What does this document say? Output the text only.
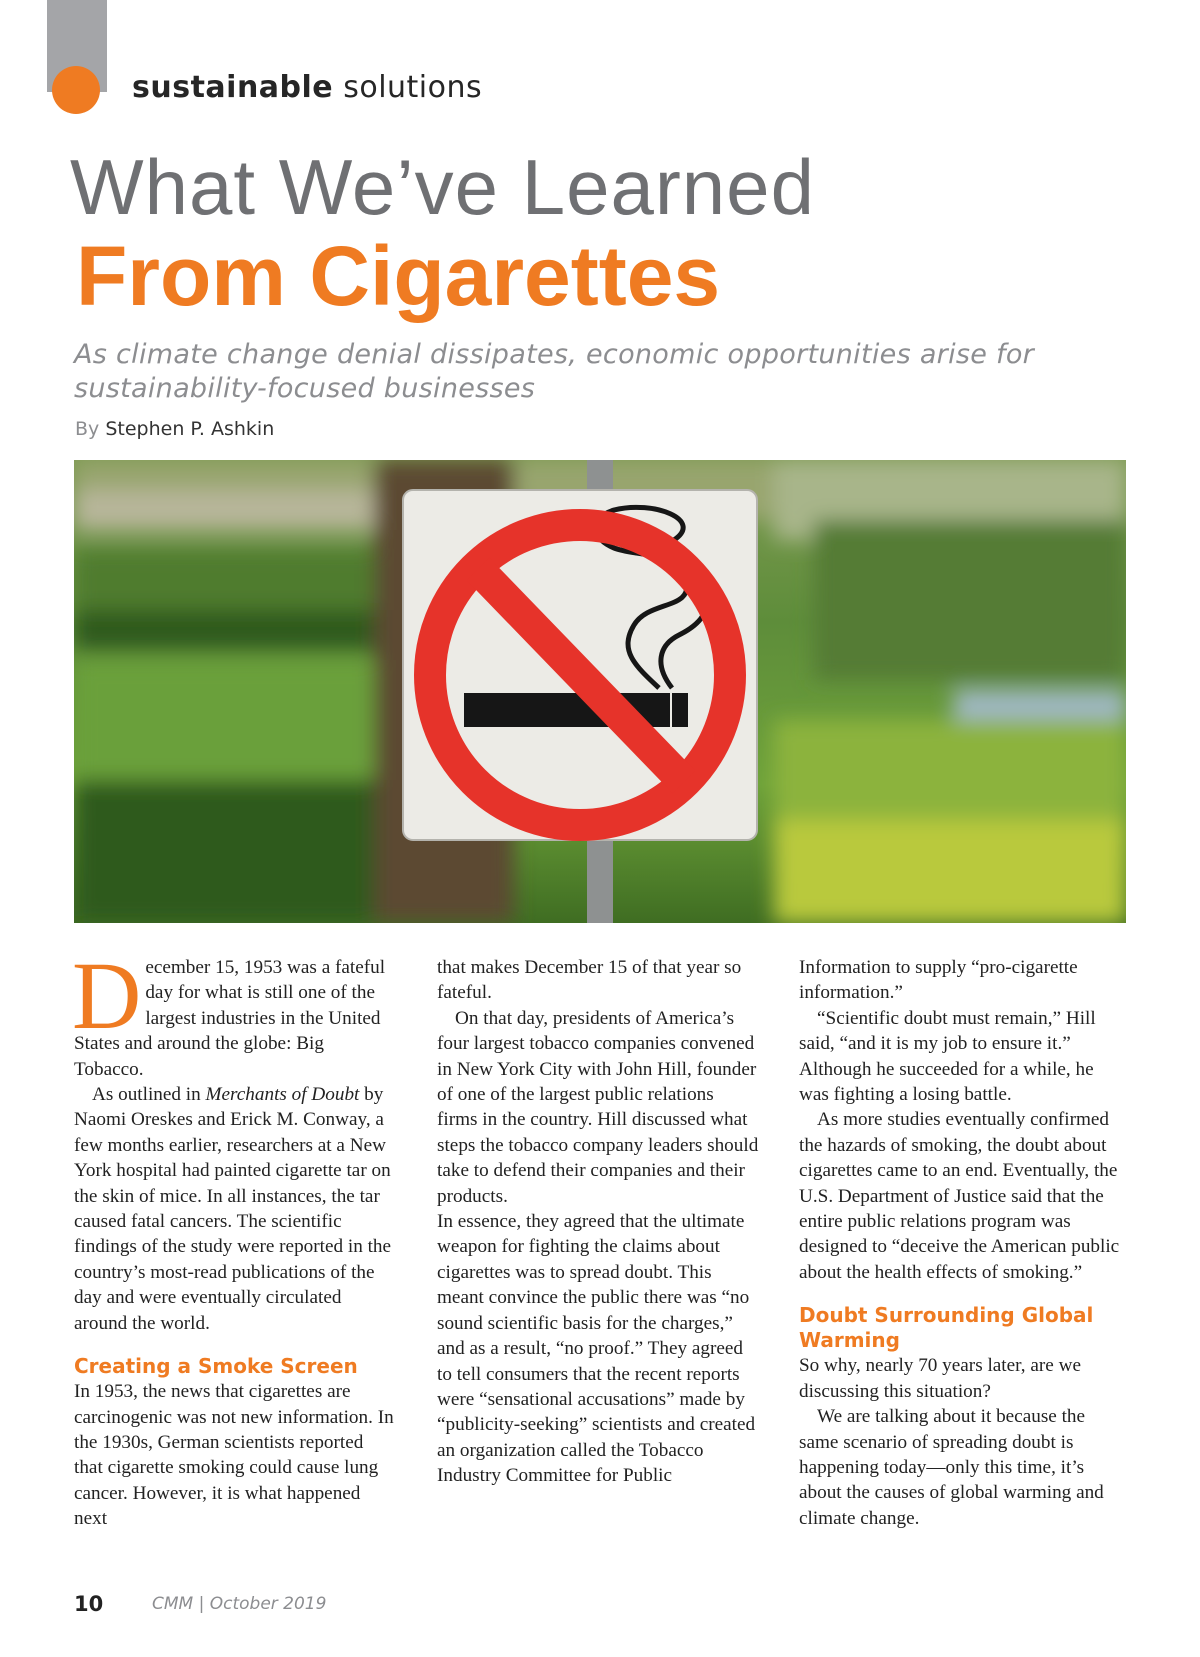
sustainable solutions
What We’ve Learned
From Cigarettes
As climate change denial dissipates, economic opportunities arise for sustainability-focused businesses
By Stephen P. Ashkin

December 15, 1953 was a fateful day for what is still one of the largest industries in the United States and around the globe: Big Tobacco.

As outlined in Merchants of Doubt by Naomi Oreskes and Erick M. Conway, a few months earlier, researchers at a New York hospital had painted cigarette tar on the skin of mice. In all instances, the tar caused fatal cancers. The scientific findings of the study were reported in the country’s most-read publications of the day and were eventually circulated around the world.

Creating a Smoke Screen

In 1953, the news that cigarettes are carcinogenic was not new information. In the 1930s, German scientists reported that cigarette smoking could cause lung cancer. However, it is what happened next

that makes December 15 of that year so fateful.

On that day, presidents of America’s four largest tobacco companies convened in New York City with John Hill, founder of one of the largest public relations firms in the country. Hill discussed what steps the tobacco company leaders should take to defend their companies and their products.

In essence, they agreed that the ultimate weapon for fighting the claims about cigarettes was to spread doubt. This meant convince the public there was “no sound scientific basis for the charges,” and as a result, “no proof.” They agreed to tell consumers that the recent reports were “sensational accusations” made by “publicity-seeking” scientists and created an organization called the Tobacco Industry Committee for Public

Information to supply “pro-cigarette information.”

“Scientific doubt must remain,” Hill said, “and it is my job to ensure it.” Although he succeeded for a while, he was fighting a losing battle.

As more studies eventually confirmed the hazards of smoking, the doubt about cigarettes came to an end. Eventually, the U.S. Department of Justice said that the entire public relations program was designed to “deceive the American public about the health effects of smoking.”

Doubt Surrounding Global Warming

So why, nearly 70 years later, are we discussing this situation?

We are talking about it because the same scenario of spreading doubt is happening today—only this time, it’s about the causes of global warming and climate change.

10	CMM | October 2019
